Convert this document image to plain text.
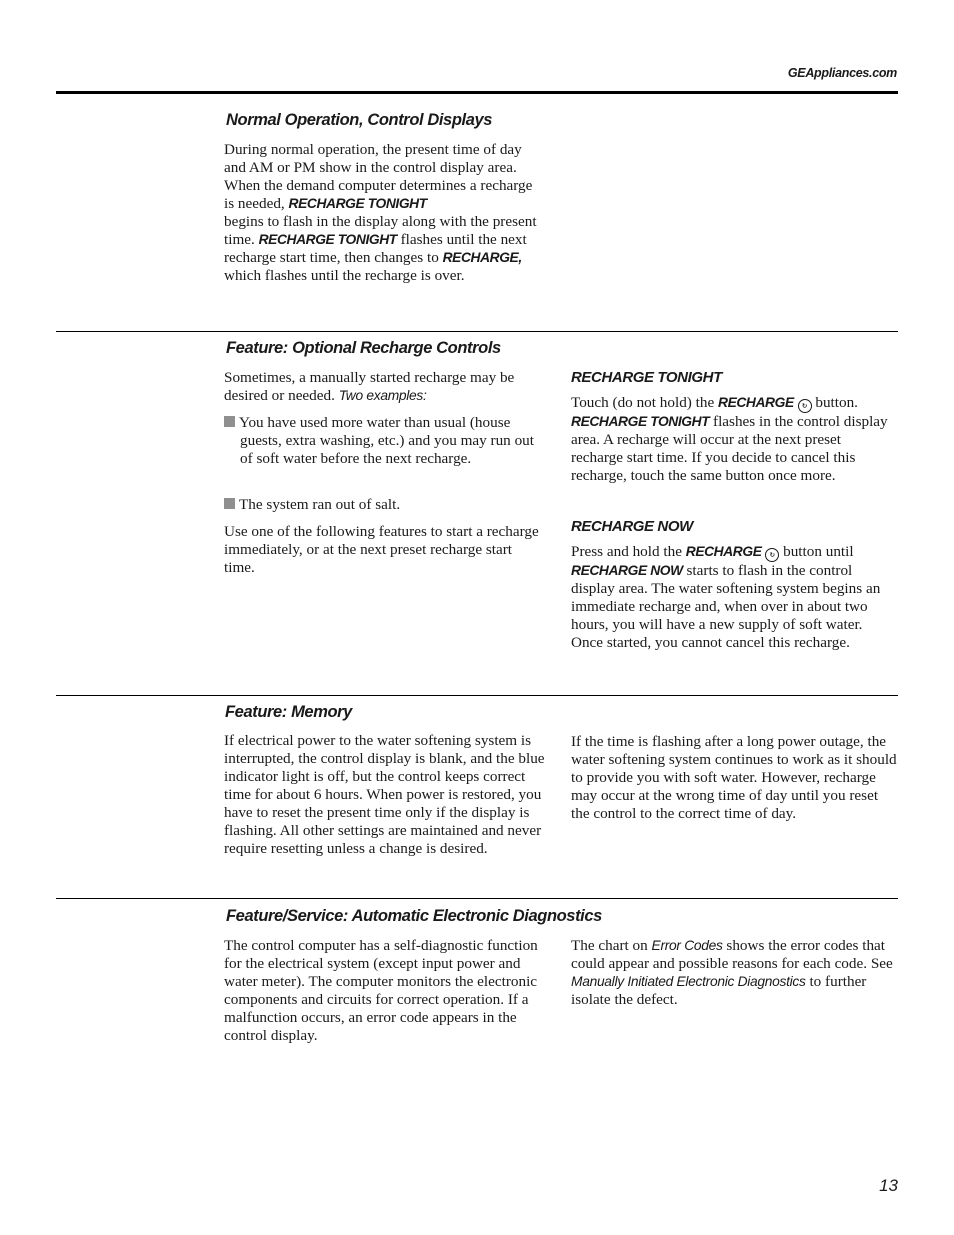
GEAppliances.com
Normal Operation, Control Displays

During normal operation, the present time of day and AM or PM show in the control display area. When the demand computer determines a recharge is needed, RECHARGE TONIGHT
begins to flash in the display along with the present time. RECHARGE TONIGHT flashes until the next recharge start time, then changes to RECHARGE, which flashes until the recharge is over.

Feature: Optional Recharge Controls

Sometimes, a manually started recharge may be desired or needed. Two examples:

You have used more water than usual (house guests, extra washing, etc.) and you may run out of soft water before the next recharge.

The system ran out of salt.

Use one of the following features to start a recharge immediately, or at the next preset recharge start time.

RECHARGE TONIGHT

Touch (do not hold) the RECHARGE ↻ button.
RECHARGE TONIGHT flashes in the control display area. A recharge will occur at the next preset recharge start time. If you decide to cancel this recharge, touch the same button once more.

RECHARGE NOW

Press and hold the RECHARGE ↻ button until
RECHARGE NOW starts to flash in the control display area. The water softening system begins an immediate recharge and, when over in about two hours, you will have a new supply of soft water. Once started, you cannot cancel this recharge.

Feature: Memory

If electrical power to the water softening system is interrupted, the control display is blank, and the blue indicator light is off, but the control keeps correct time for about 6 hours. When power is restored, you have to reset the present time only if the display is flashing. All other settings are maintained and never require resetting unless a change is desired.

If the time is flashing after a long power outage, the water softening system continues to work as it should to provide you with soft water. However, recharge may occur at the wrong time of day until you reset the control to the correct time of day.

Feature/Service: Automatic Electronic Diagnostics

The control computer has a self-diagnostic function for the electrical system (except input power and water meter). The computer monitors the electronic components and circuits for correct operation. If a malfunction occurs, an error code appears in the control display.

The chart on Error Codes shows the error codes that could appear and possible reasons for each code. See Manually Initiated Electronic Diagnostics to further isolate the defect.

13
